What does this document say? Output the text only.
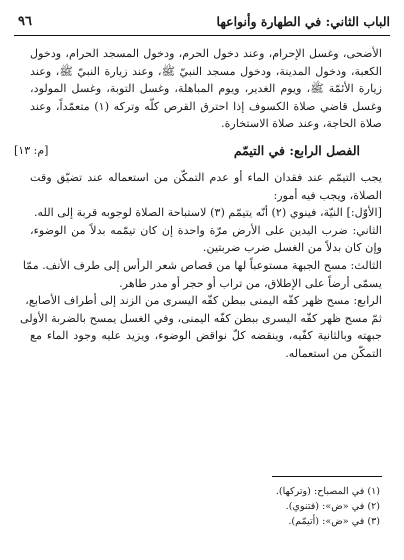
الباب الثاني: في الطهارة وأنواعها
٩٦
الأضحى، وغسل الإحرام، وعند دخول الحرم، ودخول المسجد الحرام، ودخول
الكعبة، ودخول المدينة، ودخول مسجد النبيّ ﷺ، وعند زيارة النبيّ ﷺ، وعند
زيارة الأئمّة ﷺ، ويوم الغدير، ويوم المباهلة، وغسل التوبة، وغسل المولود،
وغسل قاضي صلاة الكسوف إذا احترق القرص كلّه وتركه (١) متعمّداً، وعند
صلاة الحاجة، وعند صلاة الاستخارة.
الفصل الرابع: في التيمّم
[م: ١٣]
يجب التيمّم عند فقدان الماء أو عدم التمكّن من استعماله عند تضيّق وقت
الصلاة، ويجب فيه أمور:
[الأوّل:] النيّة، فينوي (٢) أنّه يتيمّم (٣) لاستباحة الصلاة لوجوبه قربة إلى الله.
الثاني: ضرب اليدين على الأرض مرّة واحدة إن كان تيمّمه بدلاً من الوضوء،
وإن كان بدلاً من الغسل ضرب ضربتين.
الثالث: مسح الجبهة مستوعباً لها من قصاص شعر الرأس إلى طرف الأنف. ممّا
يسمّى أرضاً على الإطلاق، من تراب أو حجر أو مدر طاهر.
الرابع: مسح ظهر كفّه اليمنى ببطن كفّه اليسرى من الزند إلى أطراف الأصابع،
ثمّ مسح ظهر كفّه اليسرى ببطن كفّه اليمنى، وفي الغسل يمسح بالضربة الأولى
جبهته وبالثانية كفّيه، وينقضه كلّ نواقض الوضوء، ويزيد عليه وجود الماء مع
التمكّن من استعماله.
(١) في المصباح: (وتركها).
(٢) في «ض»: (فتنوي).
(٣) في «ض»: (أتيمّم).
